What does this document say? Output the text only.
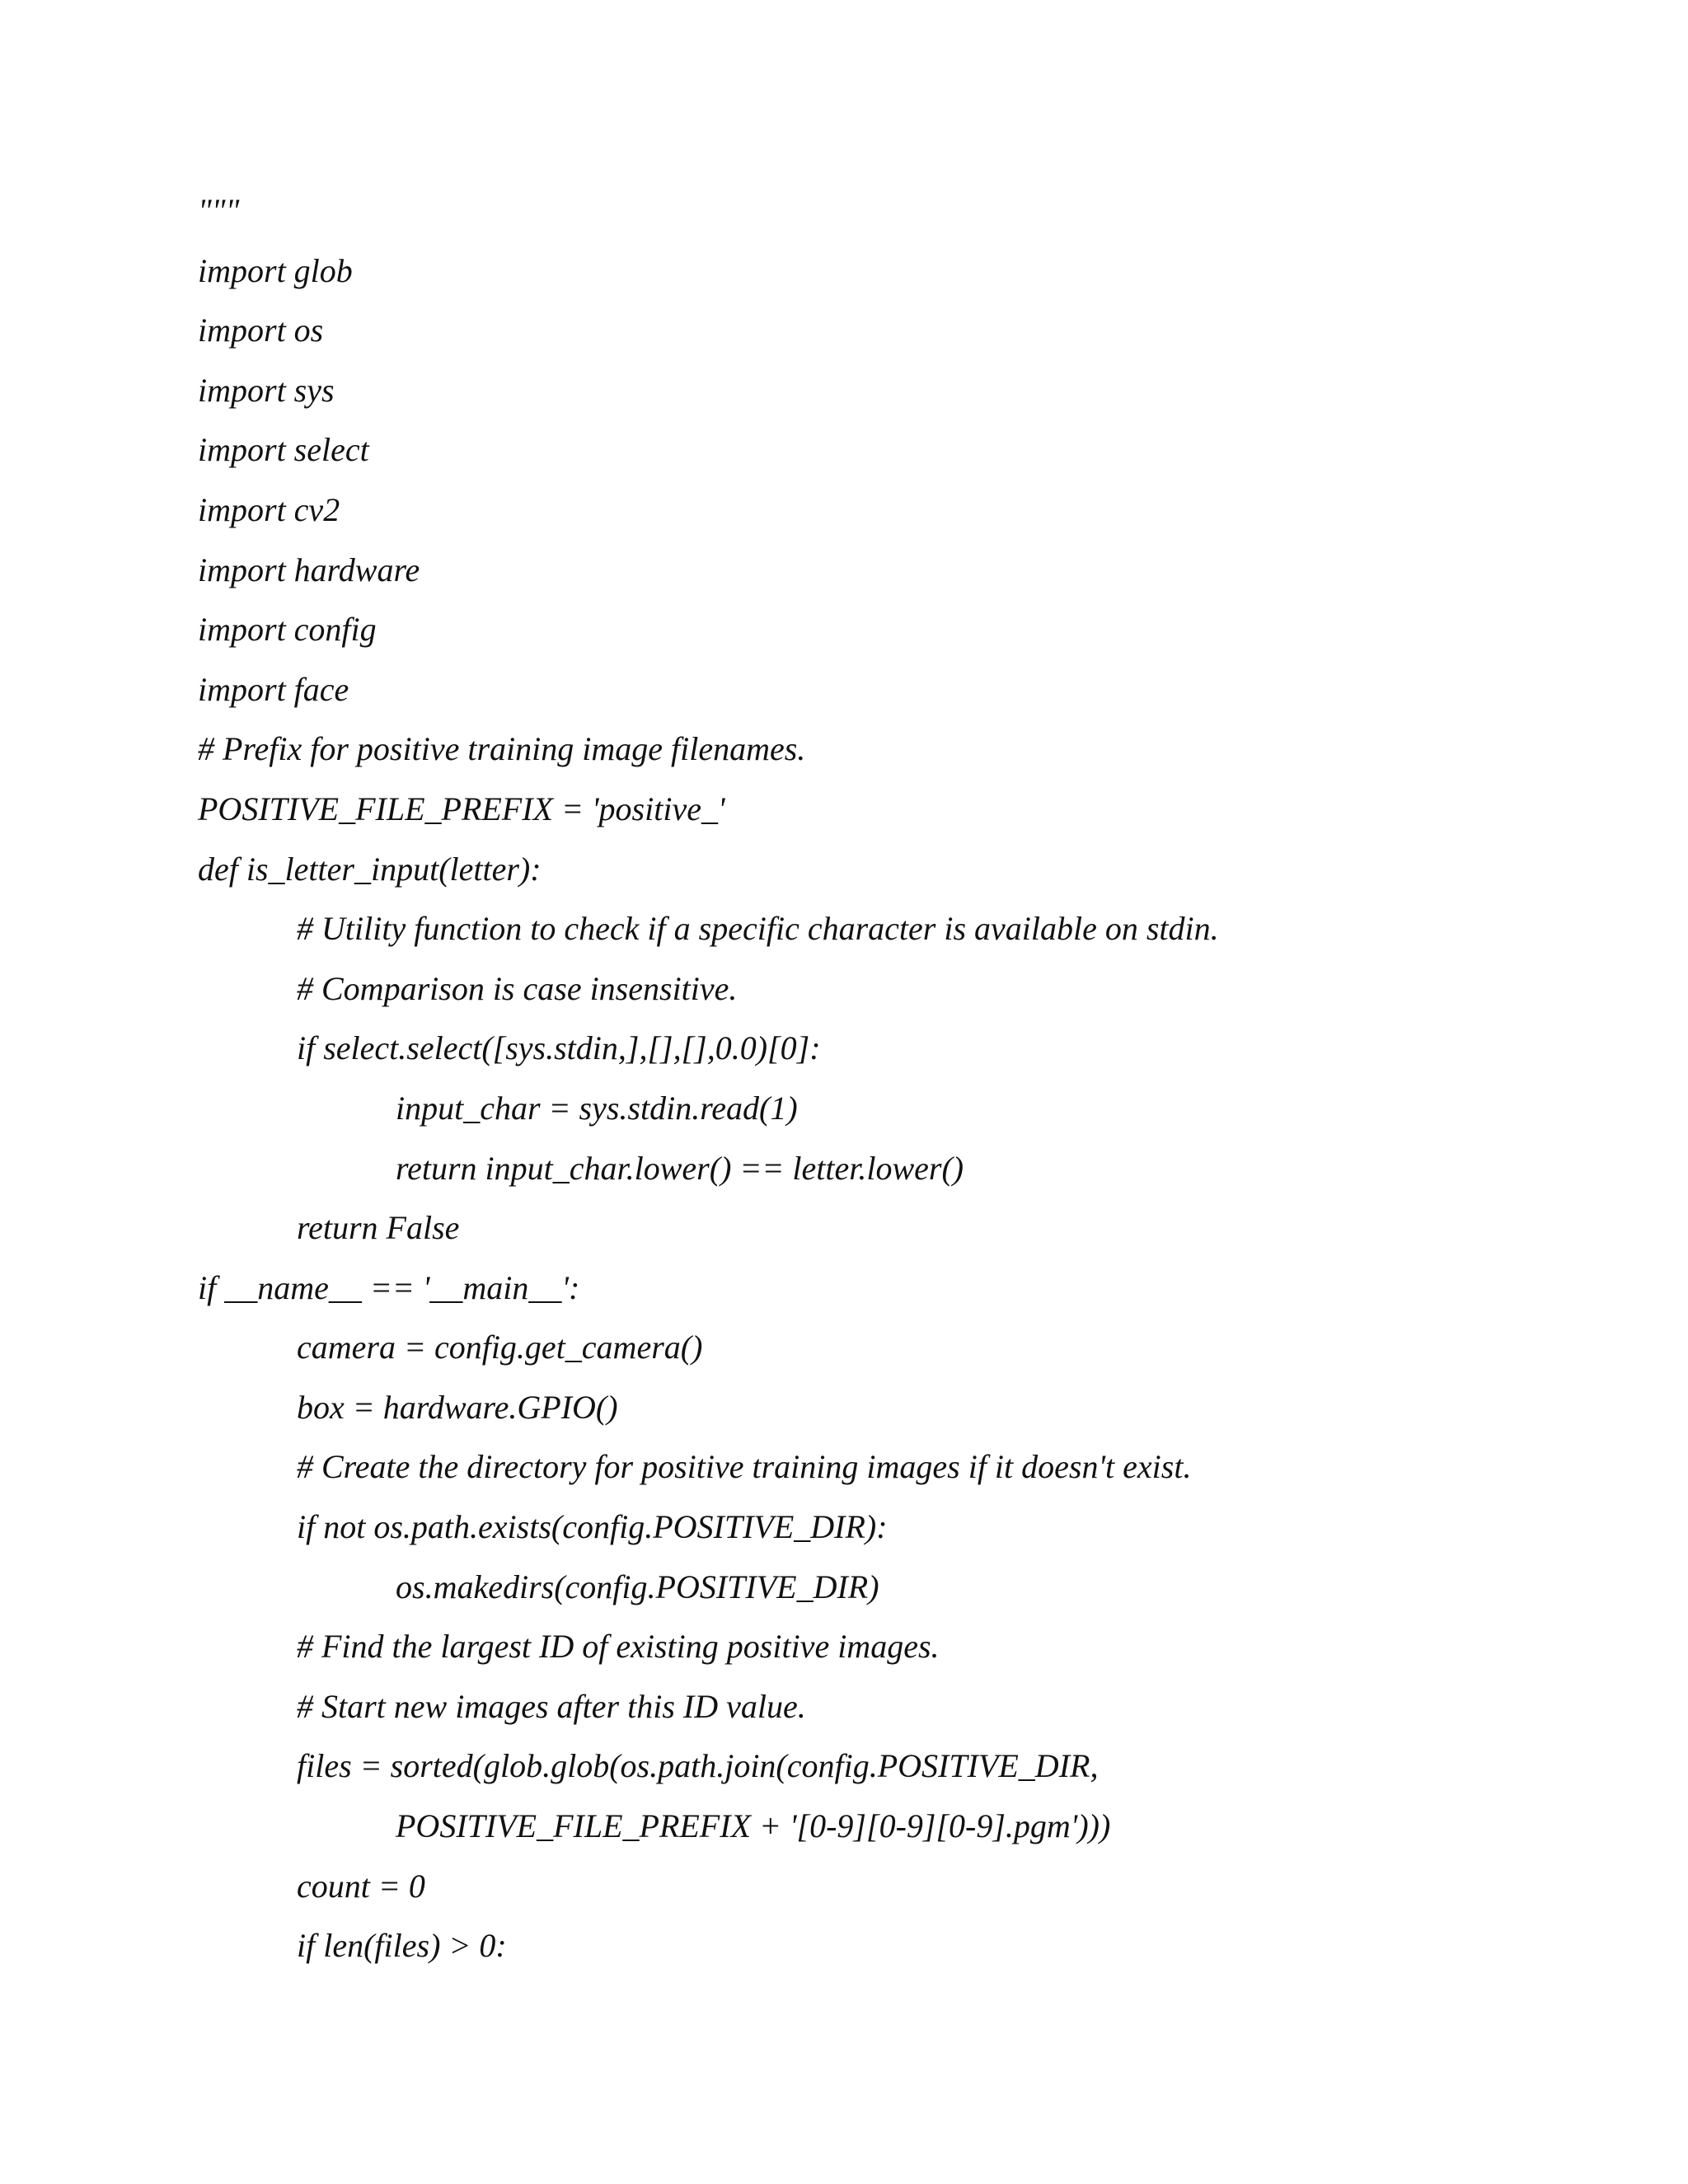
"""

import glob

import os

import sys

import select

import cv2

import hardware

import config

import face

# Prefix for positive training image filenames.

POSITIVE_FILE_PREFIX = 'positive_'

def is_letter_input(letter):

# Utility function to check if a specific character is available on stdin.

# Comparison is case insensitive.

if select.select([sys.stdin,],[],[],0.0)[0]:

input_char = sys.stdin.read(1)

return input_char.lower() == letter.lower()

return False

if __name__ == '__main__':

camera = config.get_camera()

box = hardware.GPIO()

# Create the directory for positive training images if it doesn't exist.

if not os.path.exists(config.POSITIVE_DIR):

os.makedirs(config.POSITIVE_DIR)

# Find the largest ID of existing positive images.

# Start new images after this ID value.

files = sorted(glob.glob(os.path.join(config.POSITIVE_DIR,

POSITIVE_FILE_PREFIX + '[0-9][0-9][0-9].pgm')))

count = 0

if len(files) > 0:
